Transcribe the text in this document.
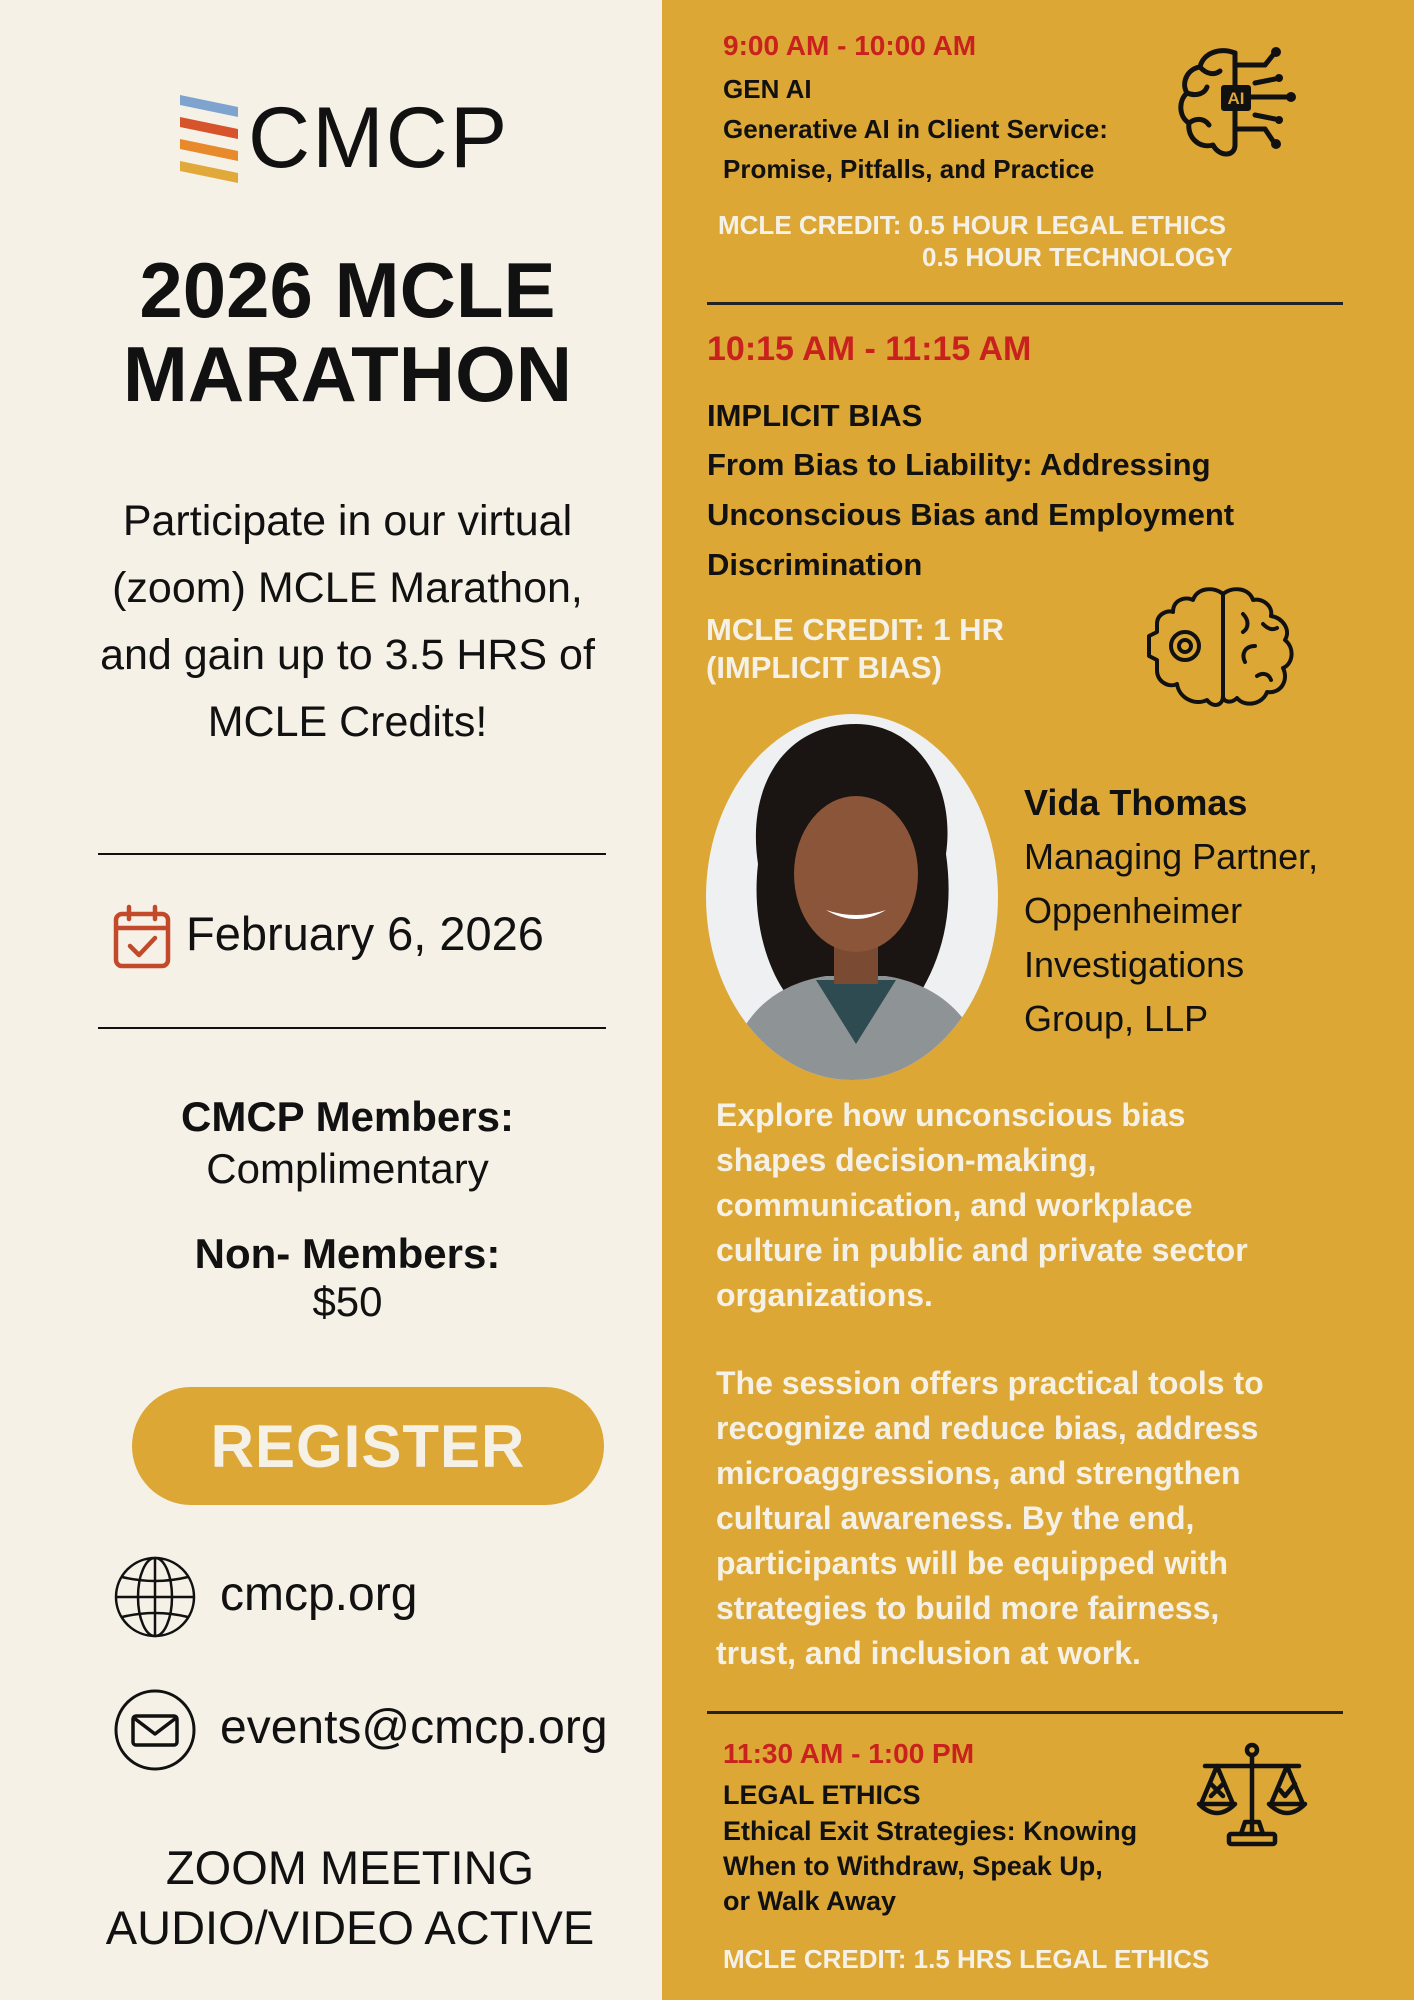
CMCP
2026 MCLE
MARATHON
Participate in our virtual (zoom) MCLE Marathon, and gain up to 3.5 HRS of MCLE Credits!
February 6, 2026
CMCP Members:
Complimentary
Non- Members:
$50
REGISTER
cmcp.org
events@cmcp.org
ZOOM MEETING
AUDIO/VIDEO ACTIVE
9:00 AM - 10:00 AM
GEN AI
Generative AI in Client Service:
Promise, Pitfalls, and Practice
MCLE CREDIT: 0.5 HOUR LEGAL ETHICS
0.5 HOUR TECHNOLOGY
AI
10:15 AM - 11:15 AM
IMPLICIT BIAS
From Bias to Liability: Addressing
Unconscious Bias and Employment
Discrimination
MCLE CREDIT: 1 HR
(IMPLICIT BIAS)
Vida Thomas
Managing Partner,
Oppenheimer
Investigations
Group, LLP
Explore how unconscious bias
shapes decision-making,
communication, and workplace
culture in public and private sector
organizations.
The session offers practical tools to
recognize and reduce bias, address
microaggressions, and strengthen
cultural awareness. By the end,
participants will be equipped with
strategies to build more fairness,
trust, and inclusion at work.
11:30 AM - 1:00 PM
LEGAL ETHICS
Ethical Exit Strategies: Knowing
When to Withdraw, Speak Up,
or Walk Away
MCLE CREDIT: 1.5 HRS LEGAL ETHICS
